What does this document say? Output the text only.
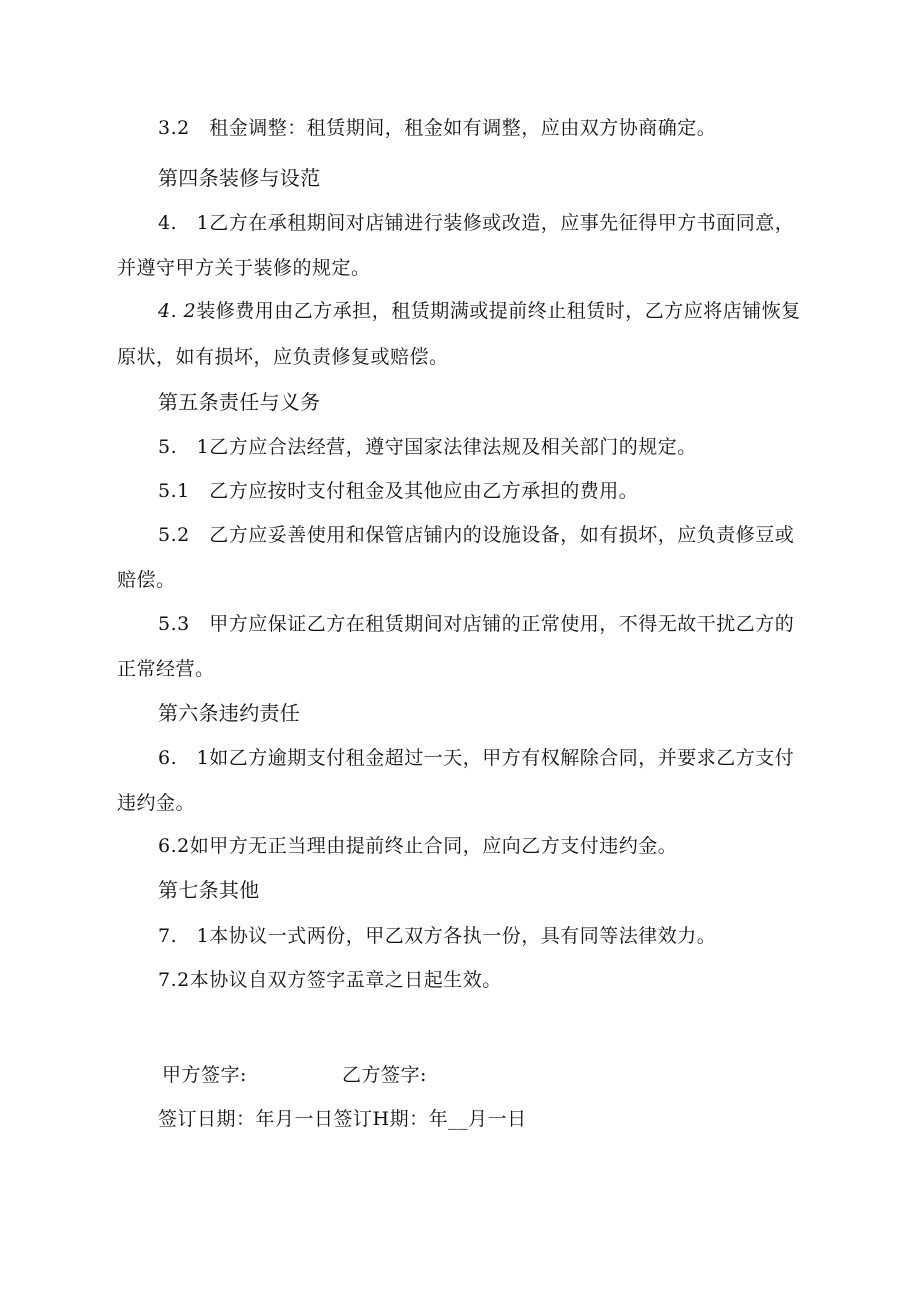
3.2　租金调整：租赁期间，租金如有调整，应由双方协商确定。
第四条装修与设范
4.　1乙方在承租期间对店铺进行装修或改造，应事先征得甲方书面同意，
并遵守甲方关于装修的规定。
4. 2装修费用由乙方承担，租赁期满或提前终止租赁时，乙方应将店铺恢复
原状，如有损坏，应负责修复或赔偿。
第五条责任与义务
5.　1乙方应合法经营，遵守国家法律法规及相关部门的规定。
5.1　乙方应按时支付租金及其他应由乙方承担的费用。
5.2　乙方应妥善使用和保管店铺内的设施设备，如有损坏，应负责修豆或
赔偿。
5.3　甲方应保证乙方在租赁期间对店铺的正常使用，不得无故干扰乙方的
正常经营。
第六条违约责任
6.　1如乙方逾期支付租金超过一天，甲方有权解除合同，并要求乙方支付
违约金。
6.2如甲方无正当理由提前终止合同，应向乙方支付违约金。
第七条其他
7.　1本协议一式两份，甲乙双方各执一份，具有同等法律效力。
7.2本协议自双方签字盂章之日起生效。
甲方签字:	乙方签字:
签订日期：年月一日签订H期：年__月一日
